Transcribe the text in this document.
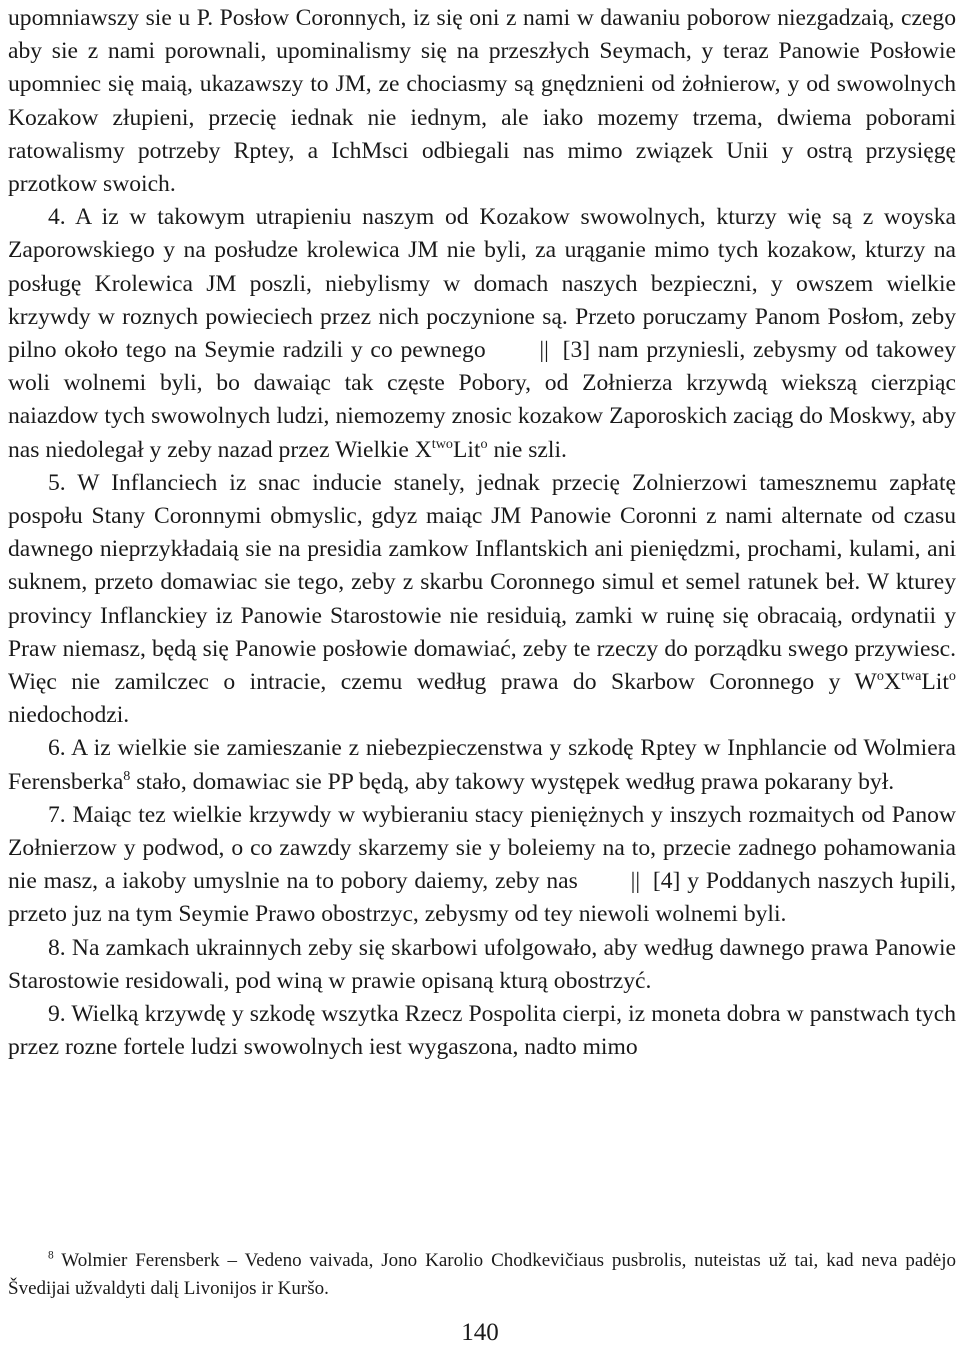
upomniawszy sie u P. Posłow Coronnych, iz się oni z nami w dawaniu poborow niezgadzaią, czego aby sie z nami porownali, upominalismy się na przeszłych Seymach, y teraz Panowie Posłowie upomniec się maią, ukazawszy to JM, ze chociasmy są gnędznieni od żołnierow, y od swowolnych Kozakow złupieni, przecię iednak nie iednym, ale iako mozemy trzema, dwiema poborami ratowalismy potrzeby Rptey, a IchMsci odbiegali nas mimo związek Unii y ostrą przysięgę przotkow swoich.

4. A iz w takowym utrapieniu naszym od Kozakow swowolnych, kturzy wię są z woyska Zaporowskiego y na posłudze krolewica JM nie byli, za urąganie mimo tych kozakow, kturzy na posługę Krolewica JM poszli, niebylismy w domach naszych bezpieczni, y owszem wielkie krzywdy w roznych powieciech przez nich poczynione są. Przeto poruczamy Panom Posłom, zeby pilno około tego na Seymie radzili y co pewnego || [3] nam przyniesli, zebysmy od takowey woli wolnemi byli, bo dawaiąc tak częste Pobory, od Zołnierza krzywdą wiekszą cierzpiąc naiazdow tych swowolnych ludzi, niemozemy znosic kozakow Zaporoskich zaciąg do Moskwy, aby nas niedolegał y zeby nazad przez Wielkie $X^{two}Lit^o$ nie szli.

5. W Inflanciech iz snac inducie stanely, jednak przecię Zolnierzowi tamesznemu zapłatę pospołu Stany Coronnymi obmyslic, gdyz maiąc JM Panowie Coronni z nami alternate od czasu dawnego nieprzykładaią sie na presidia zamkow Inflantskich ani pieniędzmi, prochami, kulami, ani suknem, przeto domawiac sie tego, zeby z skarbu Coronnego simul et semel ratunek beł. W kturey provincy Inflanckiey iz Panowie Starostowie nie residuią, zamki w ruinę się obracaią, ordynatii y Praw niemasz, będą się Panowie posłowie domawiać, zeby te rzeczy do porządku swego przywiesc. Więc nie zamilczec o intracie, czemu według prawa do Skarbow Coronnego y $W^oX^{twa}Lit^o$ niedochodzi.

6. A iz wielkie sie zamieszanie z niebezpieczenstwa y szkodę Rptey w Inphlancie od Wolmiera Ferensberka$^8$ stało, domawiac sie PP będą, aby takowy występek według prawa pokarany był.

7. Maiąc tez wielkie krzywdy w wybieraniu stacy pieniężnych y inszych rozmaitych od Panow Zołnierzow y podwod, o co zawzdy skarzemy sie y boleiemy na to, przecie zadnego pohamowania nie masz, a iakoby umyslnie na to pobory daiemy, zeby nas || [4] y Poddanych naszych łupili, przeto juz na tym Seymie Prawo obostrzyc, zebysmy od tey niewoli wolnemi byli.

8. Na zamkach ukrainnych zeby się skarbowi ufolgowało, aby według dawnego prawa Panowie Starostowie residowali, pod winą w prawie opisaną kturą obostrzyć.

9. Wielką krzywdę y szkodę wszytka Rzecz Pospolita cierpi, iz moneta dobra w panstwach tych przez rozne fortele ludzi swowolnych iest wygaszona, nadto mimo

$^8$ Wolmier Ferensberk – Vedeno vaivada, Jono Karolio Chodkevičiaus pusbrolis, nuteistas už tai, kad neva padėjo Švedijai užvaldyti dalį Livonijos ir Kuršo.

140
